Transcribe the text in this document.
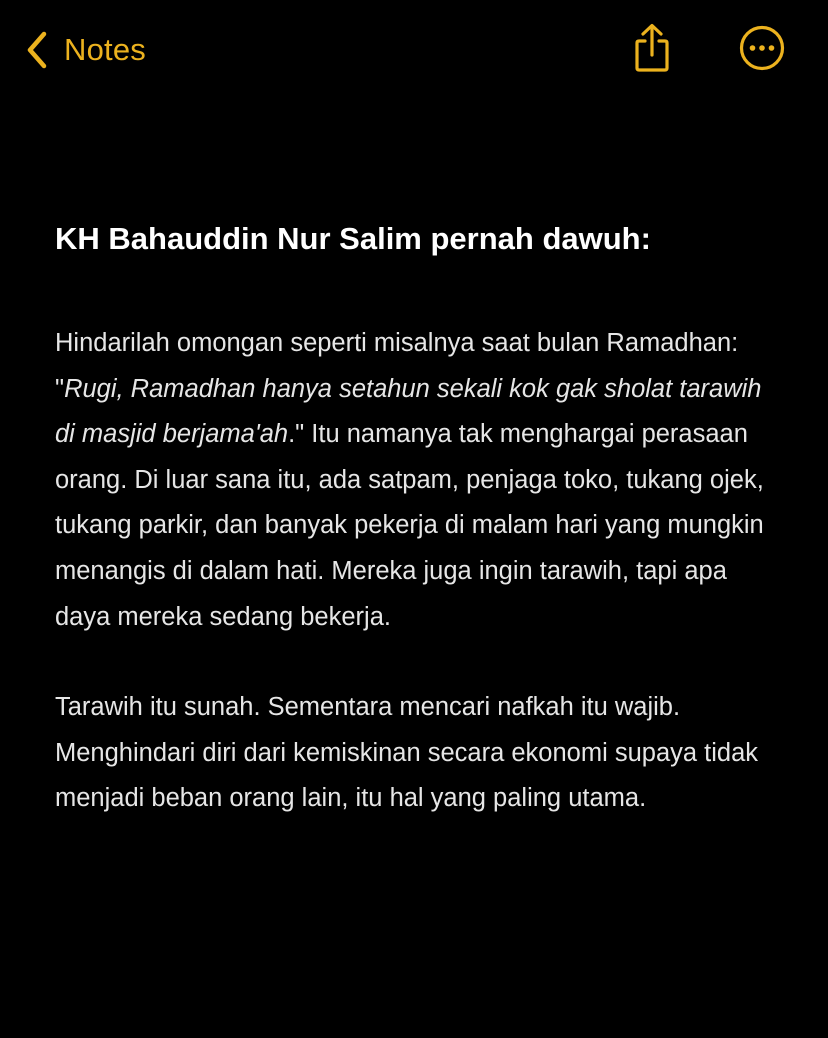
Notes
KH Bahauddin Nur Salim pernah dawuh:

Hindarilah omongan seperti misalnya saat bulan Ramadhan: "Rugi, Ramadhan hanya setahun sekali kok gak sholat tarawih di masjid berjama'ah." Itu namanya tak menghargai perasaan orang. Di luar sana itu, ada satpam, penjaga toko, tukang ojek, tukang parkir, dan banyak pekerja di malam hari yang mungkin menangis di dalam hati. Mereka juga ingin tarawih, tapi apa daya mereka sedang bekerja.

Tarawih itu sunah. Sementara mencari nafkah itu wajib. Menghindari diri dari kemiskinan secara ekonomi supaya tidak menjadi beban orang lain, itu hal yang paling utama.
